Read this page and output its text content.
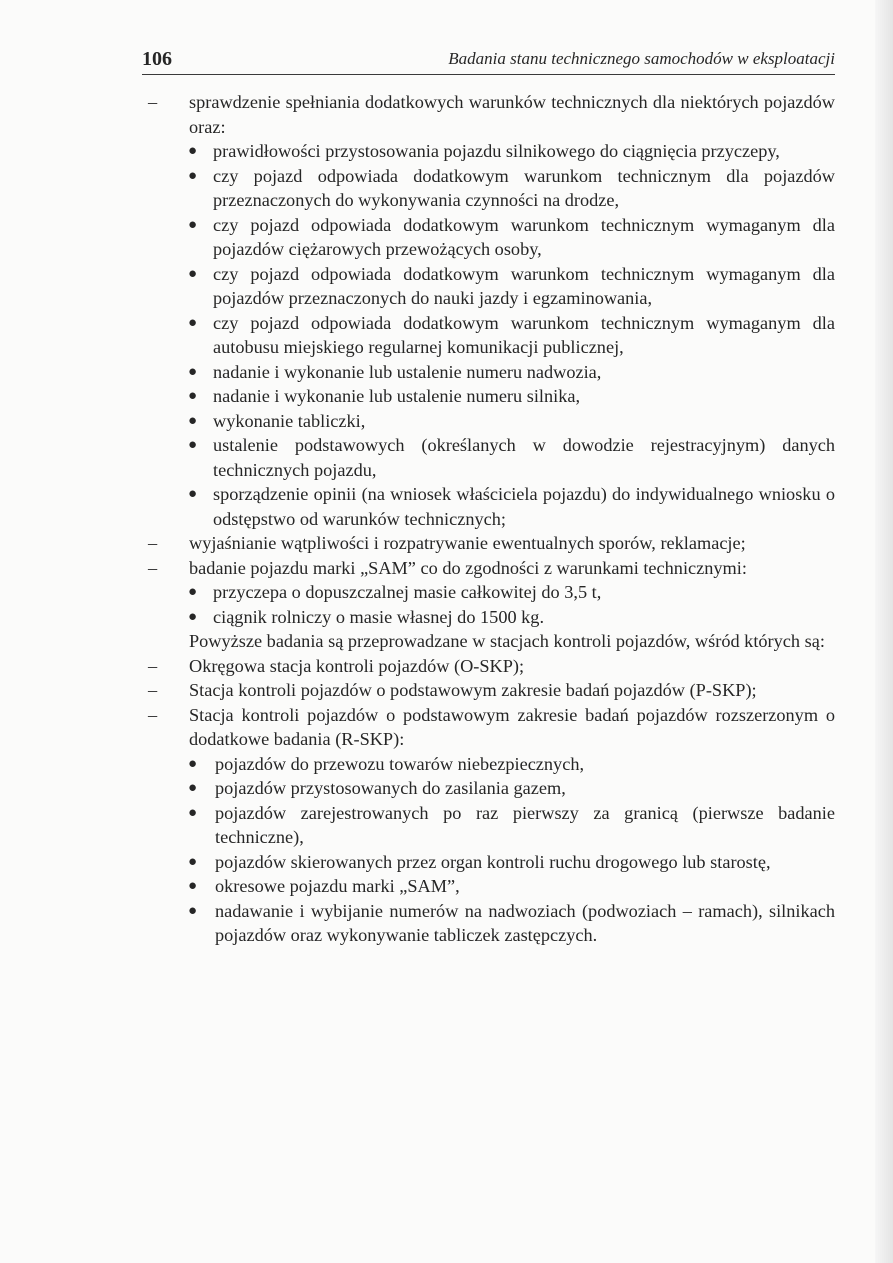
106	Badania stanu technicznego samochodów w eksploatacji
– sprawdzenie spełniania dodatkowych warunków technicznych dla niektórych pojazdów oraz:
● prawidłowości przystosowania pojazdu silnikowego do ciągnięcia przyczepy,
● czy pojazd odpowiada dodatkowym warunkom technicznym dla pojazdów przeznaczonych do wykonywania czynności na drodze,
● czy pojazd odpowiada dodatkowym warunkom technicznym wymaganym dla pojazdów ciężarowych przewożących osoby,
● czy pojazd odpowiada dodatkowym warunkom technicznym wymaganym dla pojazdów przeznaczonych do nauki jazdy i egzaminowania,
● czy pojazd odpowiada dodatkowym warunkom technicznym wymaganym dla autobusu miejskiego regularnej komunikacji publicznej,
● nadanie i wykonanie lub ustalenie numeru nadwozia,
● nadanie i wykonanie lub ustalenie numeru silnika,
● wykonanie tabliczki,
● ustalenie podstawowych (określanych w dowodzie rejestracyjnym) danych technicznych pojazdu,
● sporządzenie opinii (na wniosek właściciela pojazdu) do indywidualnego wniosku o odstępstwo od warunków technicznych;
– wyjaśnianie wątpliwości i rozpatrywanie ewentualnych sporów, reklamacje;
– badanie pojazdu marki „SAM” co do zgodności z warunkami technicznymi:
● przyczepa o dopuszczalnej masie całkowitej do 3,5 t,
● ciągnik rolniczy o masie własnej do 1500 kg.
Powyższe badania są przeprowadzane w stacjach kontroli pojazdów, wśród których są:
– Okręgowa stacja kontroli pojazdów (O-SKP);
– Stacja kontroli pojazdów o podstawowym zakresie badań pojazdów (P-SKP);
– Stacja kontroli pojazdów o podstawowym zakresie badań pojazdów rozszerzonym o dodatkowe badania (R-SKP):
● pojazdów do przewozu towarów niebezpiecznych,
● pojazdów przystosowanych do zasilania gazem,
● pojazdów zarejestrowanych po raz pierwszy za granicą (pierwsze badanie techniczne),
● pojazdów skierowanych przez organ kontroli ruchu drogowego lub starostę,
● okresowe pojazdu marki „SAM”,
● nadawanie i wybijanie numerów na nadwoziach (podwoziach – ramach), silnikach pojazdów oraz wykonywanie tabliczek zastępczych.
